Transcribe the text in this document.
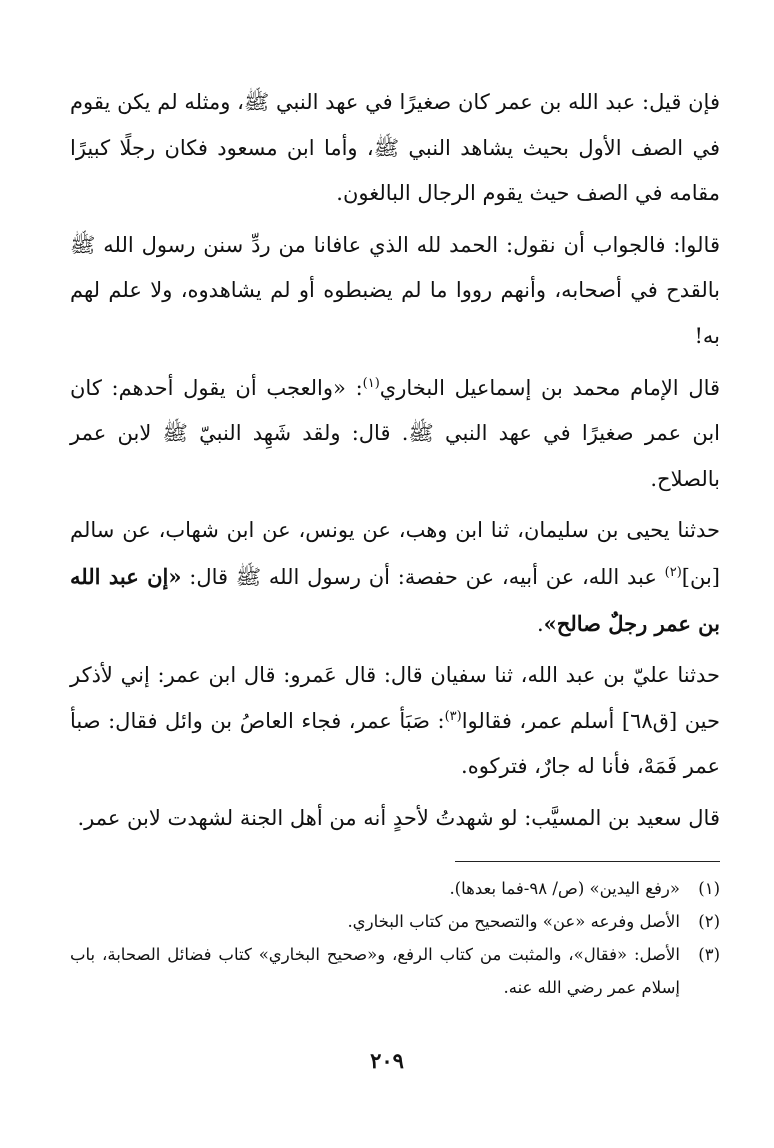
فإن قيل: عبد الله بن عمر كان صغيرًا في عهد النبي ﷺ، ومثله لم يكن يقوم في الصف الأول بحيث يشاهد النبي ﷺ، وأما ابن مسعود فكان رجلًا كبيرًا مقامه في الصف حيث يقوم الرجال البالغون.

قالوا: فالجواب أن نقول: الحمد لله الذي عافانا من ردِّ سنن رسول الله ﷺ بالقدح في أصحابه، وأنهم رووا ما لم يضبطوه أو لم يشاهدوه، ولا علم لهم به!

قال الإمام محمد بن إسماعيل البخاري$^{(١)}$: «والعجب أن يقول أحدهم: كان ابن عمر صغيرًا في عهد النبي ﷺ. قال: ولقد شَهِد النبيّ ﷺ لابن عمر بالصلاح.

حدثنا يحيى بن سليمان، ثنا ابن وهب، عن يونس، عن ابن شهاب، عن سالم [بن]$^{(٢)}$ عبد الله، عن أبيه، عن حفصة: أن رسول الله ﷺ قال: «إن عبد الله بن عمر رجلٌ صالح».

حدثنا عليّ بن عبد الله، ثنا سفيان قال: قال عَمرو: قال ابن عمر: إني لأذكر حين [ق٦٨] أسلم عمر، فقالوا$^{(٣)}$: صَبَأ عمر، فجاء العاصُ بن وائل فقال: صبأ عمر فَمَهْ، فأنا له جارٌ، فتركوه.

قال سعيد بن المسيَّب: لو شهدتُ لأحدٍ أنه من أهل الجنة لشهدت لابن عمر.

(١)
«رفع اليدين» (ص/ ٩٨-فما بعدها).
(٢)
الأصل وفرعه «عن» والتصحيح من كتاب البخاري.
(٣)
الأصل: «فقال»، والمثبت من كتاب الرفع، و«صحيح البخاري» كتاب فضائل الصحابة، باب إسلام عمر رضي الله عنه.
٢٠٩
